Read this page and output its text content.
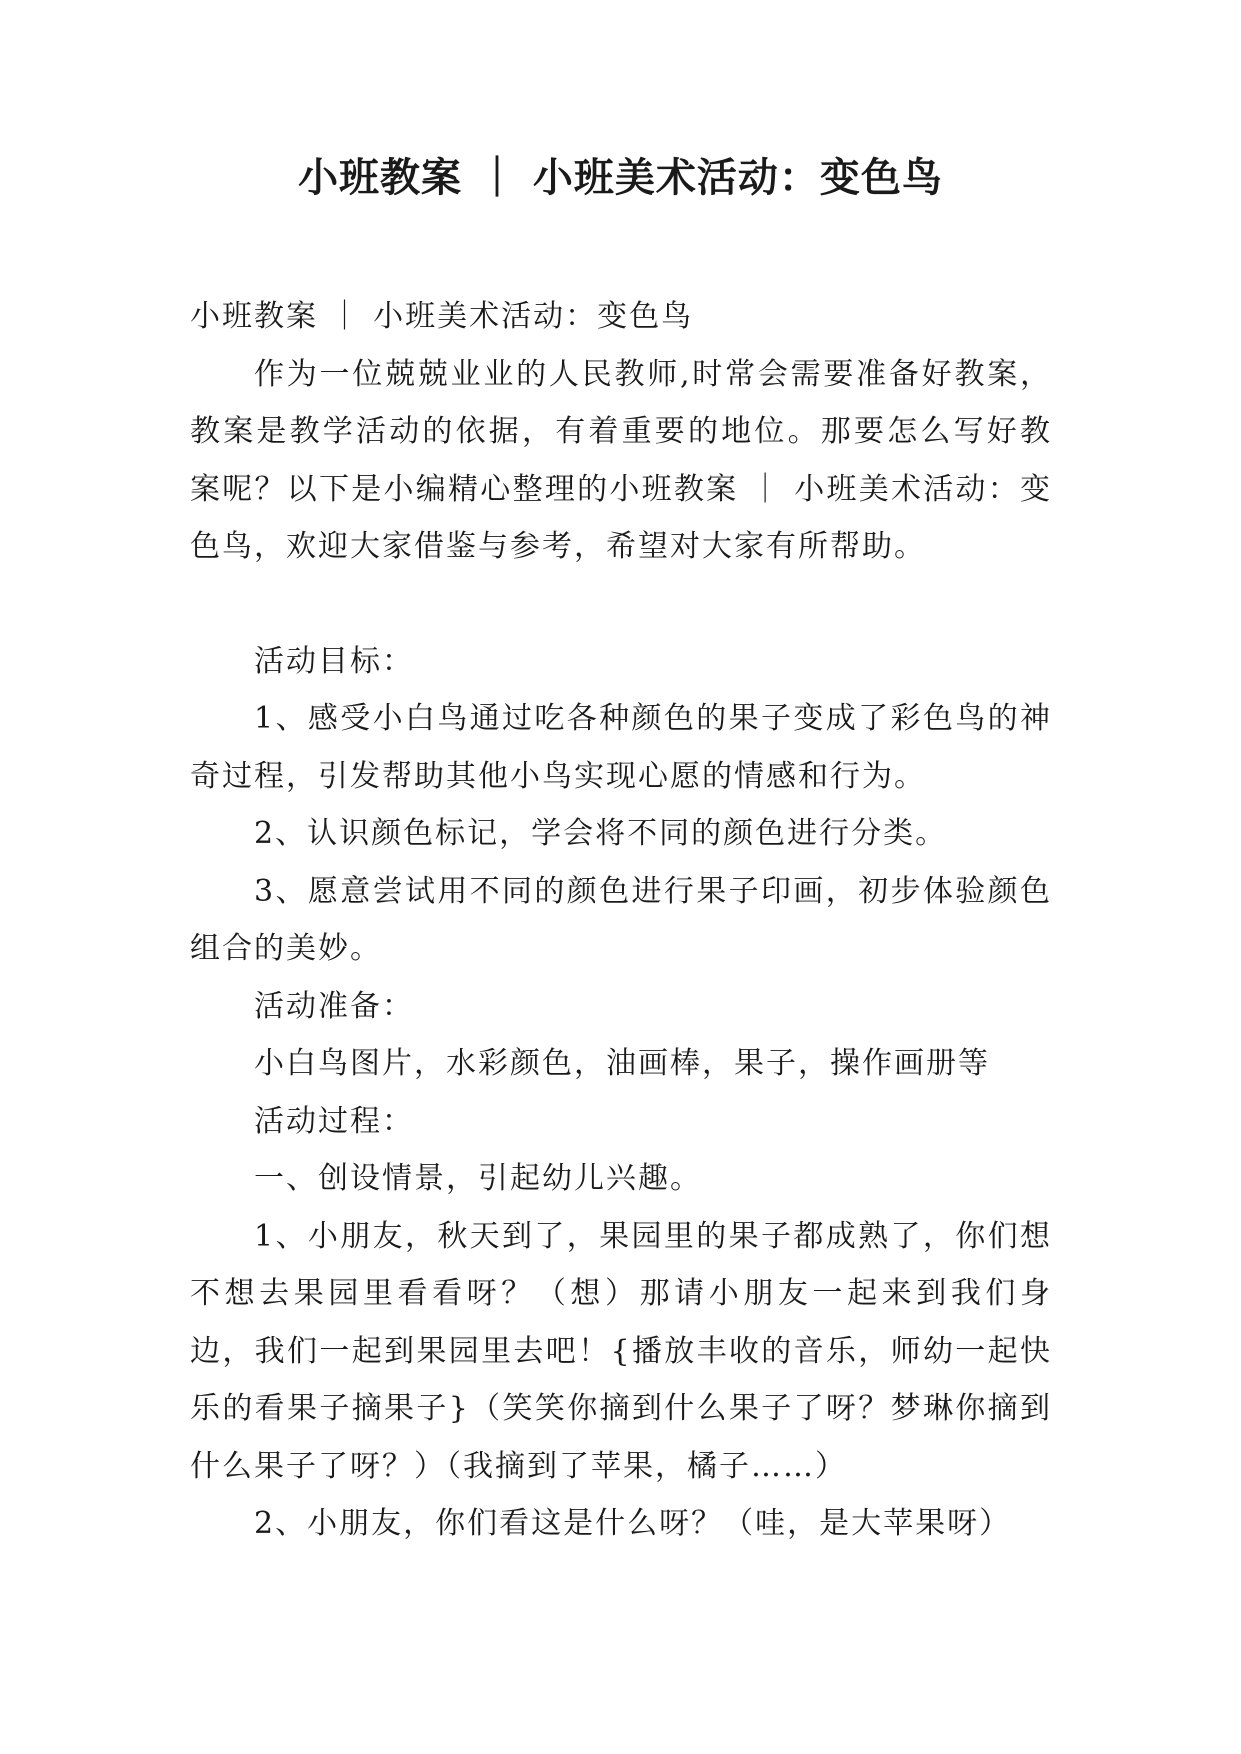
小班教案 ｜ 小班美术活动：变色鸟

小班教案 ｜ 小班美术活动：变色鸟

作为一位兢兢业业的人民教师,时常会需要准备好教案，教案是教学活动的依据，有着重要的地位。那要怎么写好教案呢？以下是小编精心整理的小班教案 ｜ 小班美术活动：变色鸟，欢迎大家借鉴与参考，希望对大家有所帮助。

活动目标：

1、感受小白鸟通过吃各种颜色的果子变成了彩色鸟的神奇过程，引发帮助其他小鸟实现心愿的情感和行为。

2、认识颜色标记，学会将不同的颜色进行分类。

3、愿意尝试用不同的颜色进行果子印画，初步体验颜色组合的美妙。

活动准备：

小白鸟图片，水彩颜色，油画棒，果子，操作画册等

活动过程：

一、创设情景，引起幼儿兴趣。

1、小朋友，秋天到了，果园里的果子都成熟了，你们想不想去果园里看看呀？（想）那请小朋友一起来到我们身边，我们一起到果园里去吧！{播放丰收的音乐，师幼一起快乐的看果子摘果子}（笑笑你摘到什么果子了呀？梦琳你摘到什么果子了呀？）（我摘到了苹果，橘子……）

2、小朋友，你们看这是什么呀？（哇，是大苹果呀）
